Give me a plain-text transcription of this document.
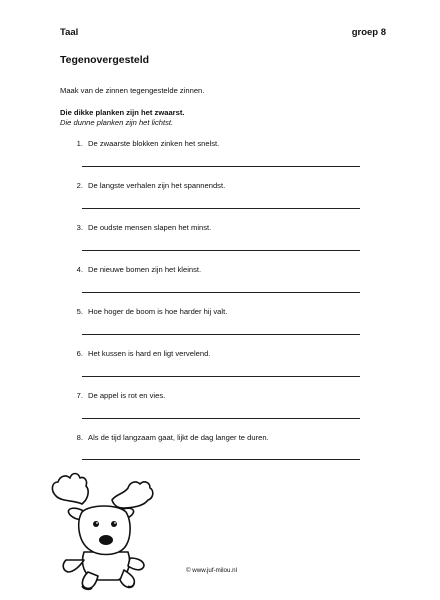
Taal	groep 8
Tegenovergesteld
Maak van de zinnen tegengestelde zinnen.
Die dikke planken zijn het zwaarst.
Die dunne planken zijn het lichtst.
1. De zwaarste blokken zinken het snelst.
2. De langste verhalen zijn het spannendst.
3. De oudste mensen slapen het minst.
4. De nieuwe bomen zijn het kleinst.
5. Hoe hoger de boom is hoe harder hij valt.
6. Het kussen is hard en ligt vervelend.
7. De appel is rot en vies.
8. Als de tijd langzaam gaat, lijkt de dag langer te duren.
© www.juf-milou.nl
